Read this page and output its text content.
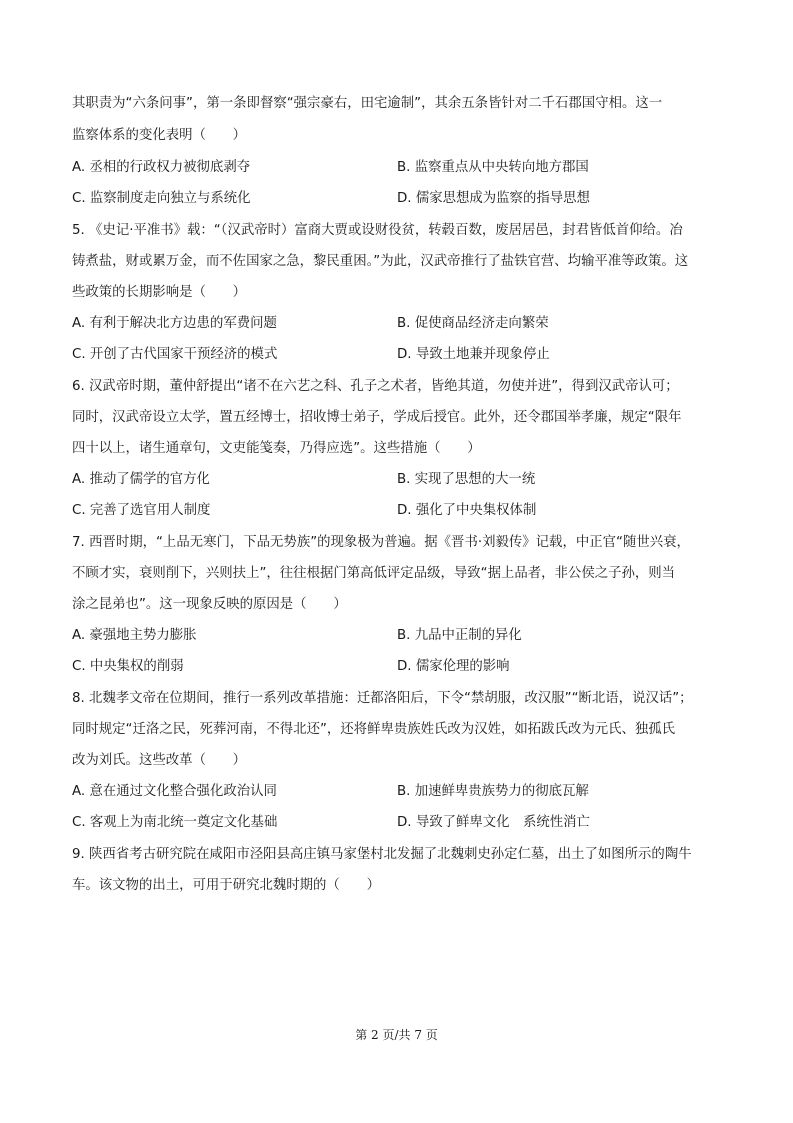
其职责为“六条问事”，第一条即督察“强宗豪右，田宅逾制”，其余五条皆针对二千石郡国守相。这一
监察体系的变化表明（　　）
A. 丞相的行政权力被彻底剥夺	B. 监察重点从中央转向地方郡国
C. 监察制度走向独立与系统化	D. 儒家思想成为监察的指导思想
5. 《史记·平准书》载：“（汉武帝时）富商大贾或设财役贫，转毂百数，废居居邑，封君皆低首仰给。冶
铸煮盐，财或累万金，而不佐国家之急，黎民重困。”为此，汉武帝推行了盐铁官营、均输平准等政策。这
些政策的长期影响是（　　）
A. 有利于解决北方边患的军费问题	B. 促使商品经济走向繁荣
C. 开创了古代国家干预经济的模式	D. 导致土地兼并现象停止
6. 汉武帝时期，董仲舒提出“诸不在六艺之科、孔子之术者，皆绝其道，勿使并进”，得到汉武帝认可；
同时，汉武帝设立太学，置五经博士，招收博士弟子，学成后授官。此外，还令郡国举孝廉，规定“限年
四十以上，诸生通章句，文吏能笺奏，乃得应选”。这些措施（　　）
A. 推动了儒学的官方化	B. 实现了思想的大一统
C. 完善了选官用人制度	D. 强化了中央集权体制
7. 西晋时期，“上品无寒门，下品无势族”的现象极为普遍。据《晋书·刘毅传》记载，中正官“随世兴衰，
不顾才实，衰则削下，兴则扶上”，往往根据门第高低评定品级，导致“据上品者，非公侯之子孙，则当
涂之昆弟也”。这一现象反映的原因是（　　）
A. 豪强地主势力膨胀	B. 九品中正制的异化
C. 中央集权的削弱	D. 儒家伦理的影响
8. 北魏孝文帝在位期间，推行一系列改革措施：迁都洛阳后，下令“禁胡服，改汉服”“断北语，说汉话”；
同时规定“迁洛之民，死葬河南，不得北还”，还将鲜卑贵族姓氏改为汉姓，如拓跋氏改为元氏、独孤氏
改为刘氏。这些改革（　　）
A. 意在通过文化整合强化政治认同	B. 加速鲜卑贵族势力的彻底瓦解
C. 客观上为南北统一奠定文化基础	D. 导致了鲜卑文化　系统性消亡
9. 陕西省考古研究院在咸阳市泾阳县高庄镇马家堡村北发掘了北魏刺史孙定仁墓，出土了如图所示的陶牛
车。该文物的出土，可用于研究北魏时期的（　　）
第 2 页/共 7 页
